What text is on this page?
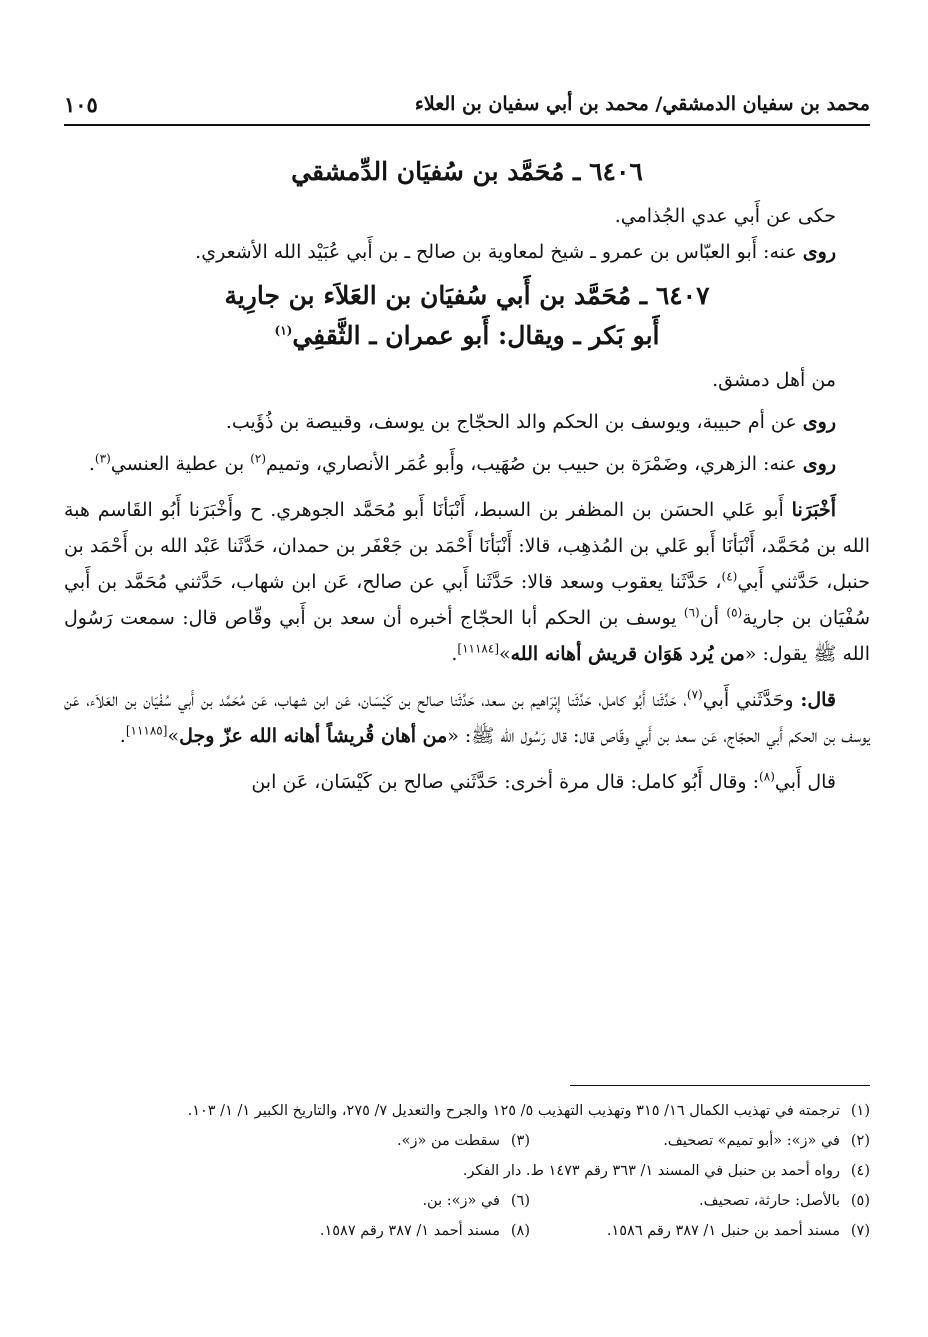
محمد بن سفيان الدمشقي/ محمد بن أبي سفيان بن العلاء
١٠٥
٦٤٠٦ ـ مُحَمَّد بن سُفيَان الدِّمشقي

حكى عن أَبي عدي الجُذامي.

روى عنه: أَبو العبّاس بن عمرو ـ شيخ لمعاوية بن صالح ـ بن أَبي عُبَيْد الله الأشعري.

٦٤٠٧ ـ مُحَمَّد بن أَبي سُفيَان بن العَلاَء بن جارِية
أَبو بَكر ـ ويقال: أَبو عمران ـ الثَّقفِي$^{(١)}$

من أهل دمشق.

روى عن أم حبيبة، ويوسف بن الحكم والد الحجّاج بن يوسف، وقبيصة بن ذُؤَيب.

روى عنه: الزهري، وضَمْرَة بن حبيب بن صُهَيب، وأَبو عُمَر الأنصاري، وتميم$^{(٢)}$ بن عطية العنسي$^{(٣)}$.

أَخْبَرَنا أَبو عَلي الحسَن بن المظفر بن السبط، أَنْبَأنَا أَبو مُحَمَّد الجوهري. ح وأَخْبَرَنا أَبُو القَاسم هبة الله بن مُحَمَّد، أَنْبَأنَا أَبو عَلي بن المُذهِب، قالا: أَنْبَأنَا أَحْمَد بن جَعْفَر بن حمدان، حَدَّثَنا عَبْد الله بن أَحْمَد بن حنبل، حَدَّثني أَبي$^{(٤)}$، حَدَّثَنا يعقوب وسعد قالا: حَدَّثَنا أَبي عن صالح، عَن ابن شهاب، حَدَّثني مُحَمَّد بن أَبي سُفْيَان بن جارية$^{(٥)}$ أن$^{(٦)}$ يوسف بن الحكم أبا الحجّاج أخبره أن سعد بن أَبي وقّاص قال: سمعت رَسُول الله ﷺ يقول: «من يُرد هَوَان قريش أهانه الله»[١١١٨٤].

قال: وحَدَّثَني أَبي$^{(٧)}$، حَدَّثَنا أَبُو كامل، حَدَّثَنا إِبْرَاهيم بن سعد، حَدَّثَنا صالح بن كَيْسَان، عَن ابن شهاب، عَن مُحَمَّد بن أَبي سُفْيَان بن العَلاَء، عَن يوسف بن الحكم أَبي الحجّاج، عَن سعد بن أَبي وقّاص قال: قال رَسُول الله ﷺ: «من أهان قُريشاً أهانه الله عزّ وجل»[١١١٨٥].

قال أَبي$^{(٨)}$: وقال أَبُو كامل: قال مرة أخرى: حَدَّثَني صالح بن كَيْسَان، عَن ابن

(١)ترجمته في تهذيب الكمال ١٦/ ٣١٥ وتهذيب التهذيب ٥/ ١٢٥ والجرح والتعديل ٧/ ٢٧٥، والتاريخ الكبير ١/ ١/ ١٠٣.
(٢)في «ز»: «أبو تميم» تصحيف.
(٣)سقطت من «ز».
(٤)رواه أحمد بن حنبل في المسند ١/ ٣٦٣ رقم ١٤٧٣ ط. دار الفكر.
(٥)بالأصل: حارثة، تصحيف.
(٦)في «ز»: بن.
(٧)مسند أحمد بن حنبل ١/ ٣٨٧ رقم ١٥٨٦.
(٨)مسند أحمد ١/ ٣٨٧ رقم ١٥٨٧.
